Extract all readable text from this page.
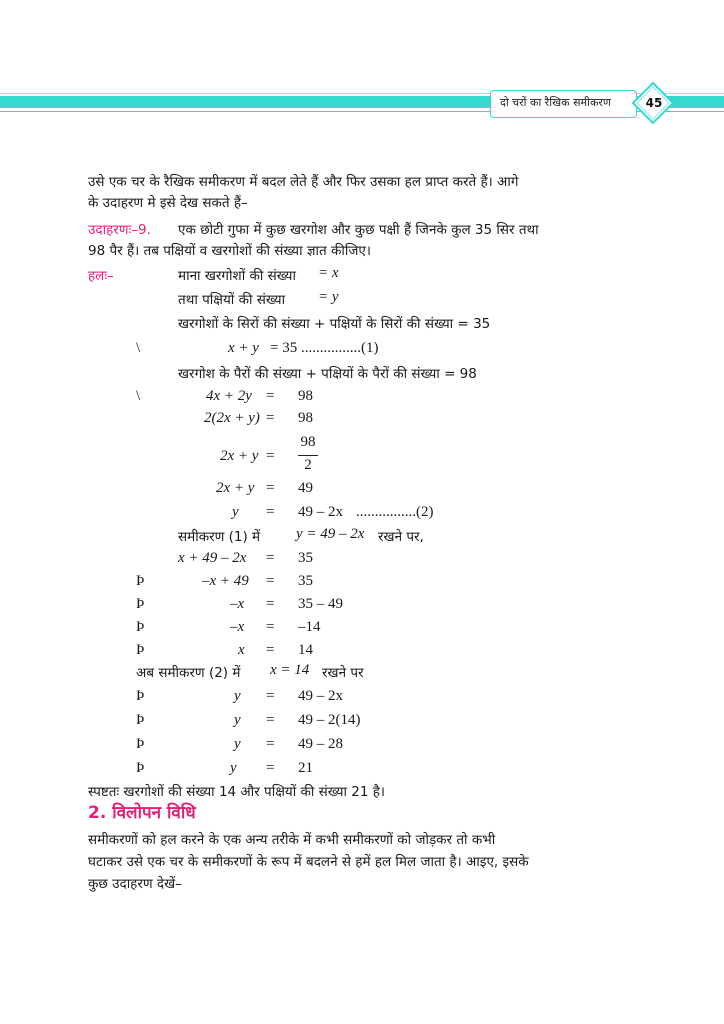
दो चरों का रैखिक समीकरण	45
उसे एक चर के रैखिक समीकरण में बदल लेते हैं और फिर उसका हल प्राप्त करते हैं। आगे
के उदाहरण मे इसे देख सकते हैं–
उदाहरणः–9. एक छोटी गुफा में कुछ खरगोश और कुछ पक्षी हैं जिनके कुल 35 सिर तथा
98 पैर हैं। तब पक्षियों व खरगोशों की संख्या ज्ञात कीजिए।
हलः–	माना खरगोशों की संख्या = x
तथा पक्षियों की संख्या = y
खरगोशों के सिरों की संख्या + पक्षियों के सिरों की संख्या = 35
\	x + y = 35 ................(1)
खरगोश के पैरों की संख्या + पक्षियों के पैरों की संख्या = 98
\	4x + 2y = 98
2(2x + y) = 98
2x + y =
98
2
2x + y = 49
y = 49 – 2x ................(2)
समीकरण (1) में y = 49 – 2x रखने पर,
x + 49 – 2x = 35
Þ	–x + 49 = 35
Þ	–x = 35 – 49
Þ	–x = –14
Þ	x = 14
अब समीकरण (2) में x = 14 रखने पर
Þ	y = 49 – 2x
Þ	y = 49 – 2(14)
Þ	y = 49 – 28
Þ	y = 21
स्पष्टतः खरगोशों की संख्या 14 और पक्षियों की संख्या 21 है।
2. विलोपन विधि
समीकरणों को हल करने के एक अन्य तरीके में कभी समीकरणों को जोड़कर तो कभी
घटाकर उसे एक चर के समीकरणों के रूप में बदलने से हमें हल मिल जाता है। आइए, इसके
कुछ उदाहरण देखें–
